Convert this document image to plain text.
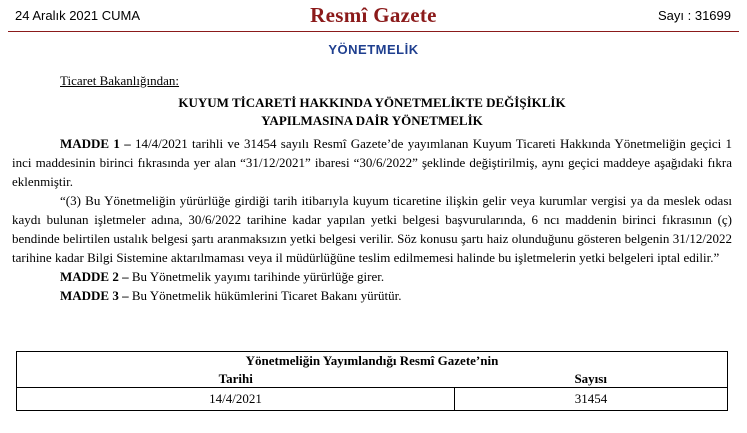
24 Aralık 2021 CUMA	Resmî Gazete	Sayı : 31699
YÖNETMELİK

Ticaret Bakanlığından:

KUYUM TİCARETİ HAKKINDA YÖNETMELİKTE DEĞİŞİKLİK
YAPILMASINA DAİR YÖNETMELİK

MADDE 1 – 14/4/2021 tarihli ve 31454 sayılı Resmî Gazete’de yayımlanan Kuyum Ticareti Hakkında Yönetmeliğin geçici 1 inci maddesinin birinci fıkrasında yer alan “31/12/2021” ibaresi “30/6/2022” şeklinde değiştirilmiş, aynı geçici maddeye aşağıdaki fıkra eklenmiştir.

“(3) Bu Yönetmeliğin yürürlüğe girdiği tarih itibarıyla kuyum ticaretine ilişkin gelir veya kurumlar vergisi ya da meslek odası kaydı bulunan işletmeler adına, 30/6/2022 tarihine kadar yapılan yetki belgesi başvurularında, 6 ncı maddenin birinci fıkrasının (ç) bendinde belirtilen ustalık belgesi şartı aranmaksızın yetki belgesi verilir. Söz konusu şartı haiz olunduğunu gösteren belgenin 31/12/2022 tarihine kadar Bilgi Sistemine aktarılmaması veya il müdürlüğüne teslim edilmemesi halinde bu işletmelerin yetki belgeleri iptal edilir.”

MADDE 2 – Bu Yönetmelik yayımı tarihinde yürürlüğe girer.

MADDE 3 – Bu Yönetmelik hükümlerini Ticaret Bakanı yürütür.

Yönetmeliğin Yayımlandığı Resmî Gazete’nin	
Tarihi	Sayısı
14/4/2021	31454
